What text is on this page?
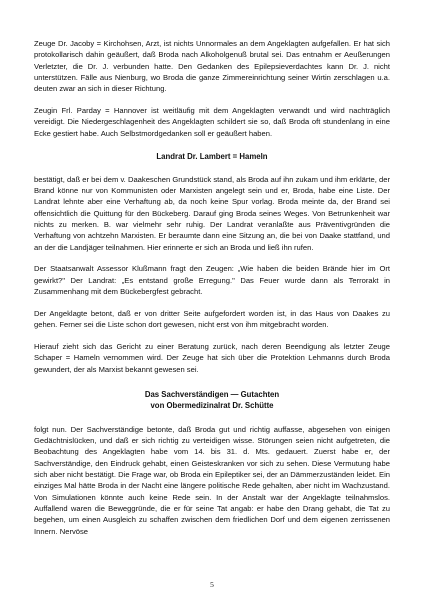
Zeuge Dr. Jacoby = Kirchohsen, Arzt, ist nichts Unnormales an dem Angeklagten aufgefallen. Er hat sich protokollarisch dahin geäußert, daß Broda nach Alkoholgenuß brutal sei. Das entnahm er Aeußerungen Verletzter, die Dr. J. verbunden hatte. Den Gedanken des Epilepsieverdachtes kann Dr. J. nicht unterstützen. Fälle aus Nienburg, wo Broda die ganze Zimmereinrichtung seiner Wirtin zerschlagen u.a. deuten zwar an sich in dieser Richtung.

Zeugin Frl. Parday = Hannover ist weitläufig mit dem Angeklagten verwandt und wird nachträglich vereidigt. Die Niedergeschlagenheit des Angeklagten schildert sie so, daß Broda oft stundenlang in eine Ecke gestiert habe. Auch Selbstmordgedanken soll er geäußert haben.

Landrat Dr. Lambert = Hameln

bestätigt, daß er bei dem v. Daakeschen Grundstück stand, als Broda auf ihn zukam und ihm erklärte, der Brand könne nur von Kommunisten oder Marxisten angelegt sein und er, Broda, habe eine Liste. Der Landrat lehnte aber eine Verhaftung ab, da noch keine Spur vorlag. Broda meinte da, der Brand sei offensichtlich die Quittung für den Bückeberg. Darauf ging Broda seines Weges. Von Betrunkenheit war nichts zu merken. B. war vielmehr sehr ruhig. Der Landrat veranlaßte aus Präventivgründen die Verhaftung von achtzehn Marxisten. Er beraumte dann eine Sitzung an, die bei von Daake stattfand, und an der die Landjäger teilnahmen. Hier erinnerte er sich an Broda und ließ ihn rufen.

Der Staatsanwalt Assessor Klußmann fragt den Zeugen: „Wie haben die beiden Brände hier im Ort gewirkt?" Der Landrat: „Es entstand große Erregung." Das Feuer wurde dann als Terrorakt in Zusammenhang mit dem Bückebergfest gebracht.

Der Angeklagte betont, daß er von dritter Seite aufgefordert worden ist, in das Haus von Daakes zu gehen. Ferner sei die Liste schon dort gewesen, nicht erst von ihm mitgebracht worden.

Hierauf zieht sich das Gericht zu einer Beratung zurück, nach deren Beendigung als letzter Zeuge Schaper = Hameln vernommen wird. Der Zeuge hat sich über die Protektion Lehmanns durch Broda gewundert, der als Marxist bekannt gewesen sei.

Das Sachverständigen — Gutachten
von Obermedizinalrat Dr. Schütte

folgt nun. Der Sachverständige betonte, daß Broda gut und richtig auffasse, abgesehen von einigen Gedächtnislücken, und daß er sich richtig zu verteidigen wisse. Störungen seien nicht aufgetreten, die Beobachtung des Angeklagten habe vom 14. bis 31. d. Mts. gedauert. Zuerst habe er, der Sachverständige, den Eindruck gehabt, einen Geisteskranken vor sich zu sehen. Diese Vermutung habe sich aber nicht bestätigt. Die Frage war, ob Broda ein Epileptiker sei, der an Dämmerzuständen leidet. Ein einziges Mal hätte Broda in der Nacht eine längere politische Rede gehalten, aber nicht im Wachzustand. Von Simulationen könnte auch keine Rede sein. In der Anstalt war der Angeklagte teilnahmslos. Auffallend waren die Beweggründe, die er für seine Tat angab: er habe den Drang gehabt, die Tat zu begehen, um einen Ausgleich zu schaffen zwischen dem friedlichen Dorf und dem eigenen zerrissenen Innern. Nervöse

5
